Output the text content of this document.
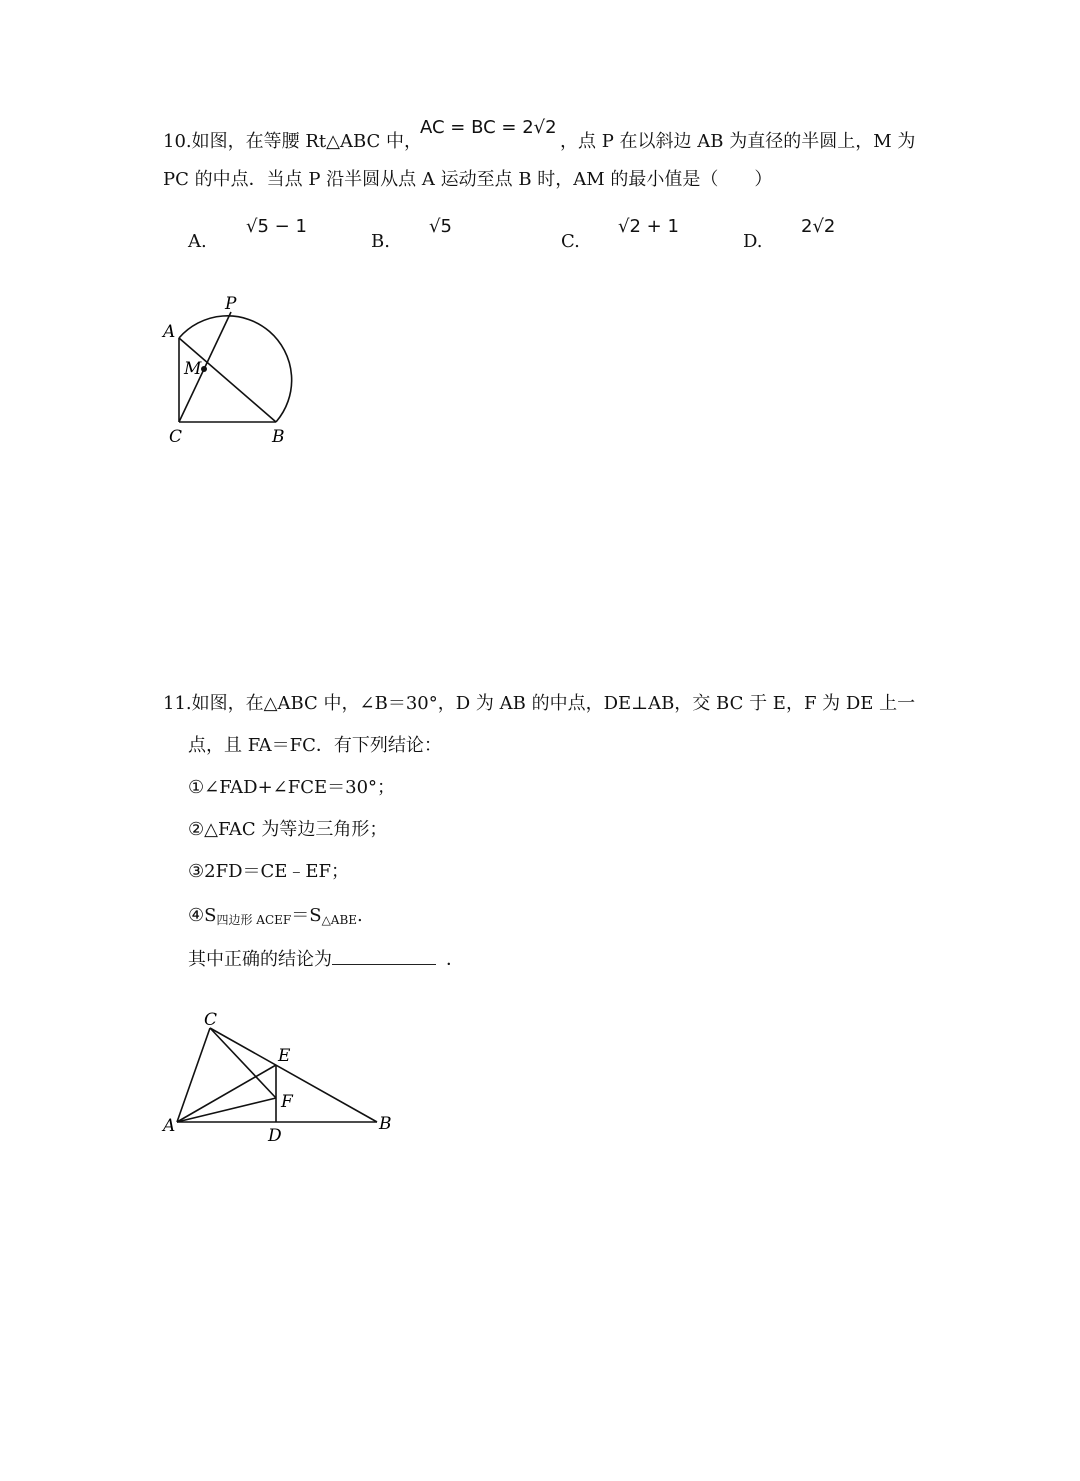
10.如图，在等腰 Rt△ABC 中，
AC = BC = 2√2
，点 P 在以斜边 AB 为直径的半圆上，M 为
PC 的中点．当点 P 沿半圆从点 A 运动至点 B 时，AM 的最小值是（　　）
A.
√5 − 1
B.
√5
C.
√2 + 1
D.
2√2
A
P
M
C	B
11.如图，在△ABC 中，∠B＝30°，D 为 AB 的中点，DE⊥AB，交 BC 于 E，F 为 DE 上一
点，且 FA＝FC．有下列结论：
①∠FAD+∠FCE＝30°；
②△FAC 为等边三角形；
③2FD＝CE﹣EF；
$④S_{四边形 ACEF}=S_{\triangle ABE}$.
其中正确的结论为	．
C
E
F
A	D
B
